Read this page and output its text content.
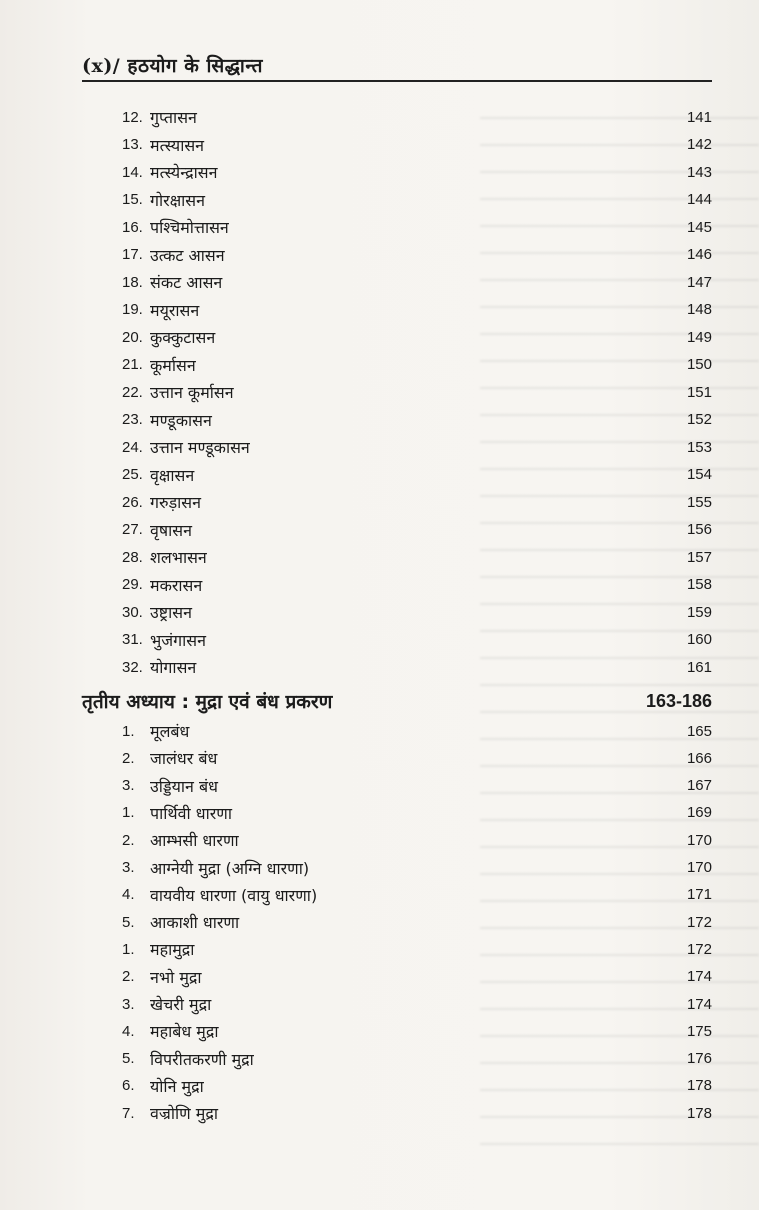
(x)/ हठयोग के सिद्धान्त
12. गुप्तासन	141
13. मत्स्यासन	142
14. मत्स्येन्द्रासन	143
15. गोरक्षासन	144
16. पश्चिमोत्तासन	145
17. उत्कट आसन	146
18. संकट आसन	147
19. मयूरासन	148
20. कुक्कुटासन	149
21. कूर्मासन	150
22. उत्तान कूर्मासन	151
23. मण्डूकासन	152
24. उत्तान मण्डूकासन	153
25. वृक्षासन	154
26. गरुड़ासन	155
27. वृषासन	156
28. शलभासन	157
29. मकरासन	158
30. उष्ट्रासन	159
31. भुजंगासन	160
32. योगासन	161
तृतीय अध्याय : मुद्रा एवं बंध प्रकरण	163-186
1. मूलबंध	165
2. जालंधर बंध	166
3. उड्डियान बंध	167
1. पार्थिवी धारणा	169
2. आम्भसी धारणा	170
3. आग्नेयी मुद्रा (अग्नि धारणा)	170
4. वायवीय धारणा (वायु धारणा)	171
5. आकाशी धारणा	172
1. महामुद्रा	172
2. नभो मुद्रा	174
3. खेचरी मुद्रा	174
4. महाबेध मुद्रा	175
5. विपरीतकरणी मुद्रा	176
6. योनि मुद्रा	178
7. वज्रोणि मुद्रा	178
